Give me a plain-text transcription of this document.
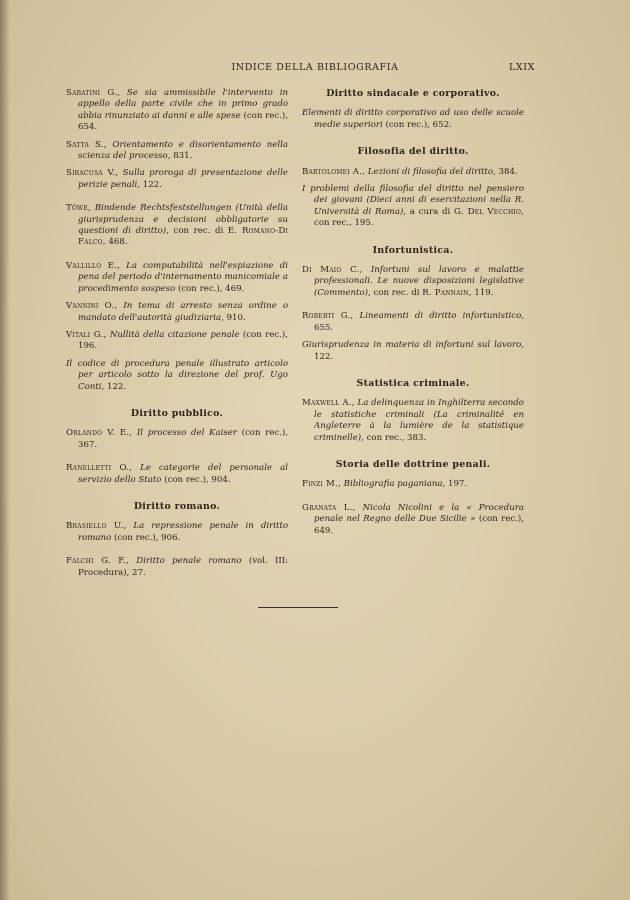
INDICE DELLA BIBLIOGRAFIA	LXIX

Sabatini G., Se sia ammissibile l'intervento in appello della parte civile che in primo grado abbia rinunziato ai danni e alle spese (con rec.), 654.

Satta S., Orientamento e disorientamento nella scienza del processo, 831.

Siracusa V., Sulla proroga di presentazione delle perizie penali, 122.

Töwe, Bindende Rechtsfeststellungen (Unità della giurisprudenza e decisioni obbligatorie su questioni di diritto), con rec. di E. Romano-Di Falco, 468.

Vallillo E., La computabilità nell'espiazione di pena del periodo d'internamento manicomiale a procedimento sospeso (con rec.), 469.

Vannini O., In tema di arresto senza ordine o mandato dell'autorità giudiziaria, 910.

Vitali G., Nullità della citazione penale (con rec.), 196.

Il codice di procedura penale illustrato articolo per articolo sotto la direzione del prof. Ugo Conti, 122.

Diritto pubblico.

Orlando V. E., Il processo del Kaiser (con rec.), 367.

Ranelletti O., Le categorie del personale al servizio dello Stato (con rec.), 904.

Diritto romano.

Brasiello U., La repressione penale in diritto romano (con rec.), 906.

Falchi G. F., Diritto penale romano (vol. III: Procedura), 27.

Diritto sindacale e corporativo.

Elementi di diritto corporativo ad uso delle scuole medie superiori (con rec.), 652.

Filosofia del diritto.

Bartolomei A., Lezioni di filosofia del diritto, 384.

I problemi della filosofia del diritto nel pensiero dei giovani (Dieci anni di esercitazioni nella R. Università di Roma), a cura di G. Del Vecchio, con rec., 195.

Infortunistica.

Di Maio C., Infortuni sul lavoro e malattie professionali. Le nuove disposizioni legislative (Commento), con rec. di R. Pannain, 119.

Roberti G., Lineamenti di diritto infortunistico, 655.

Giurisprudenza in materia di infortuni sul lavoro, 122.

Statistica criminale.

Maxwell A., La delinquenza in Inghilterra secondo le statistiche criminali (La criminalité en Angleterre à la lumière de la statistique criminelle), con rec., 383.

Storia delle dottrine penali.

Finzi M., Bibliografia paganiana, 197.

Granata L., Nicola Nicolini e la « Procedura penale nel Regno delle Due Sicilie » (con rec.), 649.
